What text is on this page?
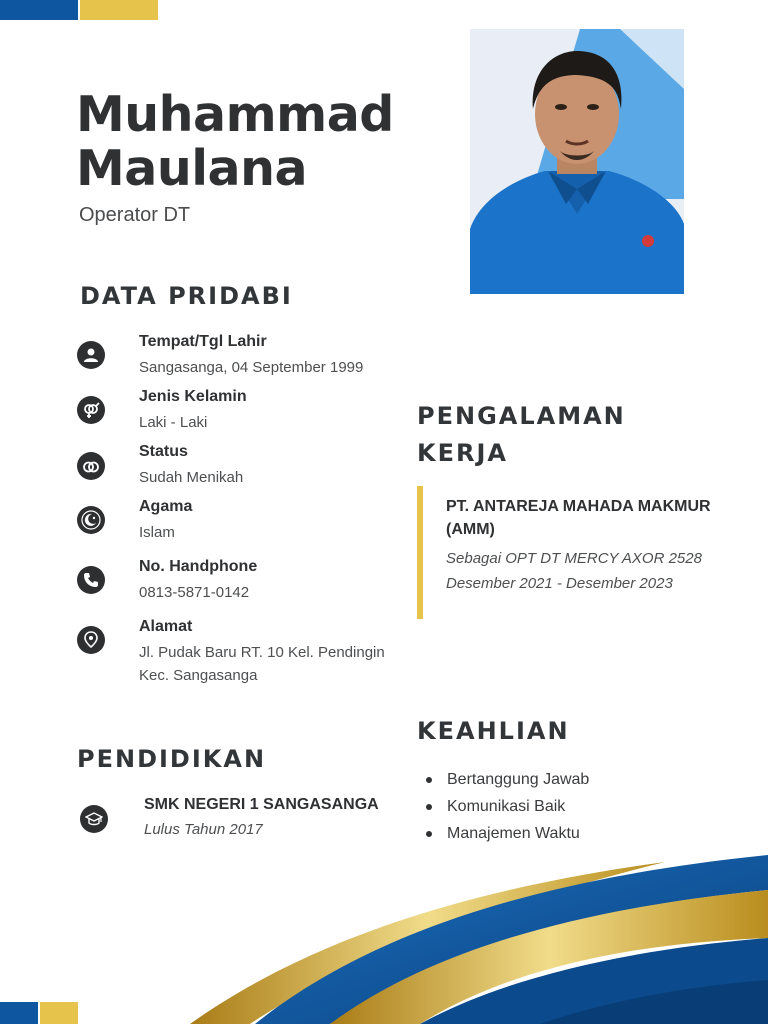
Muhammad
Maulana
Operator DT
DATA PRIDABI
Tempat/Tgl Lahir
Sangasanga, 04 September 1999
Jenis Kelamin
Laki - Laki
Status
Sudah Menikah
Agama
Islam
No. Handphone
0813-5871-0142
Alamat
Jl. Pudak Baru RT. 10 Kel. Pendingin
Kec. Sangasanga
PENGALAMAN
KERJA
PT. ANTAREJA MAHADA MAKMUR
(AMM)
Sebagai OPT DT MERCY AXOR 2528
Desember 2021 - Desember 2023
KEAHLIAN
Bertanggung Jawab
Komunikasi Baik
Manajemen Waktu
PENDIDIKAN
SMK NEGERI 1 SANGASANGA
Lulus Tahun 2017
